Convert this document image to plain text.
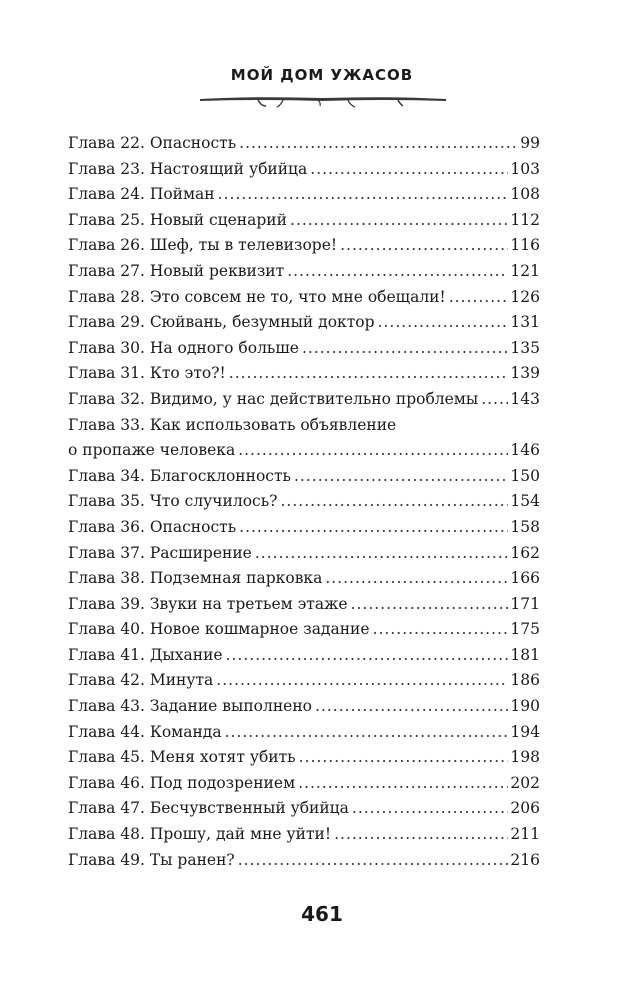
МОЙ ДОМ УЖАСОВ
Глава 22. Опасность .....	99
Глава 23. Настоящий убийца .....	103
Глава 24. Пойман .....	108
Глава 25. Новый сценарий .....	112
Глава 26. Шеф, ты в телевизоре! .....	116
Глава 27. Новый реквизит .....	121
Глава 28. Это совсем не то, что мне обещали! .....	126
Глава 29. Сюйвань, безумный доктор .....	131
Глава 30. На одного больше .....	135
Глава 31. Кто это?! .....	139
Глава 32. Видимо, у нас действительно проблемы ..... 143
Глава 33. Как использовать объявление
о пропаже человека .....	146
Глава 34. Благосклонность .....	150
Глава 35. Что случилось? .....	154
Глава 36. Опасность .....	158
Глава 37. Расширение .....	162
Глава 38. Подземная парковка .....	166
Глава 39. Звуки на третьем этаже .....	171
Глава 40. Новое кошмарное задание .....	175
Глава 41. Дыхание .....	181
Глава 42. Минута .....	186
Глава 43. Задание выполнено .....	190
Глава 44. Команда .....	194
Глава 45. Меня хотят убить .....	198
Глава 46. Под подозрением .....	202
Глава 47. Бесчувственный убийца .....	206
Глава 48. Прошу, дай мне уйти! .....	211
Глава 49. Ты ранен? .....	216
461
